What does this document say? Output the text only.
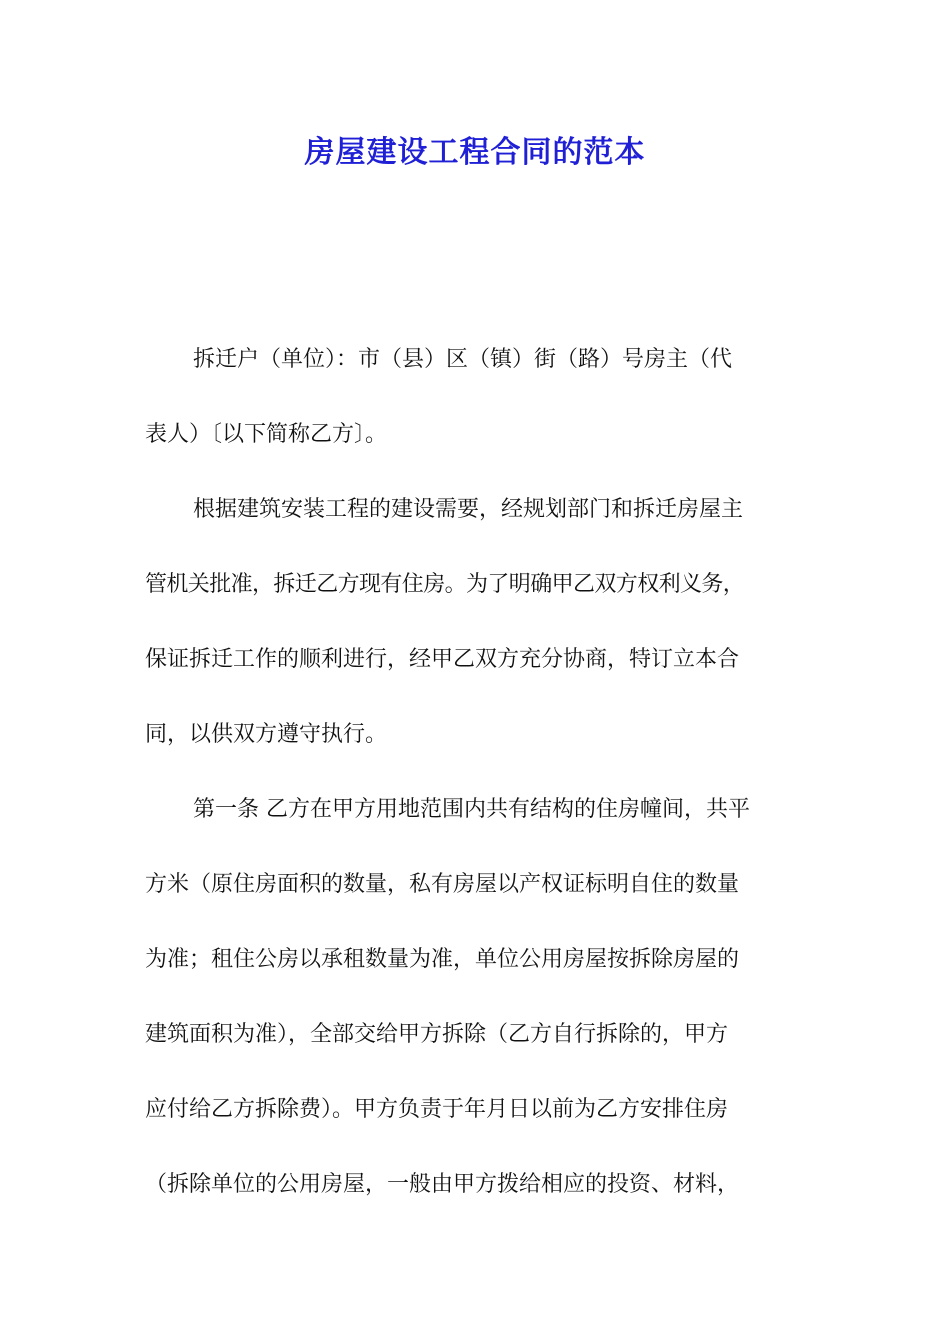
房屋建设工程合同的范本

拆迁户（单位）：市（县）区（镇）街（路）号房主（代

表人）〔以下简称乙方〕。

根据建筑安装工程的建设需要，经规划部门和拆迁房屋主

管机关批准，拆迁乙方现有住房。为了明确甲乙双方权利义务，

保证拆迁工作的顺利进行，经甲乙双方充分协商，特订立本合

同，以供双方遵守执行。

第一条 乙方在甲方用地范围内共有结构的住房幢间，共平

方米（原住房面积的数量，私有房屋以产权证标明自住的数量

为准；租住公房以承租数量为准，单位公用房屋按拆除房屋的

建筑面积为准），全部交给甲方拆除（乙方自行拆除的，甲方

应付给乙方拆除费）。甲方负责于年月日以前为乙方安排住房

（拆除单位的公用房屋，一般由甲方拨给相应的投资、材料，
